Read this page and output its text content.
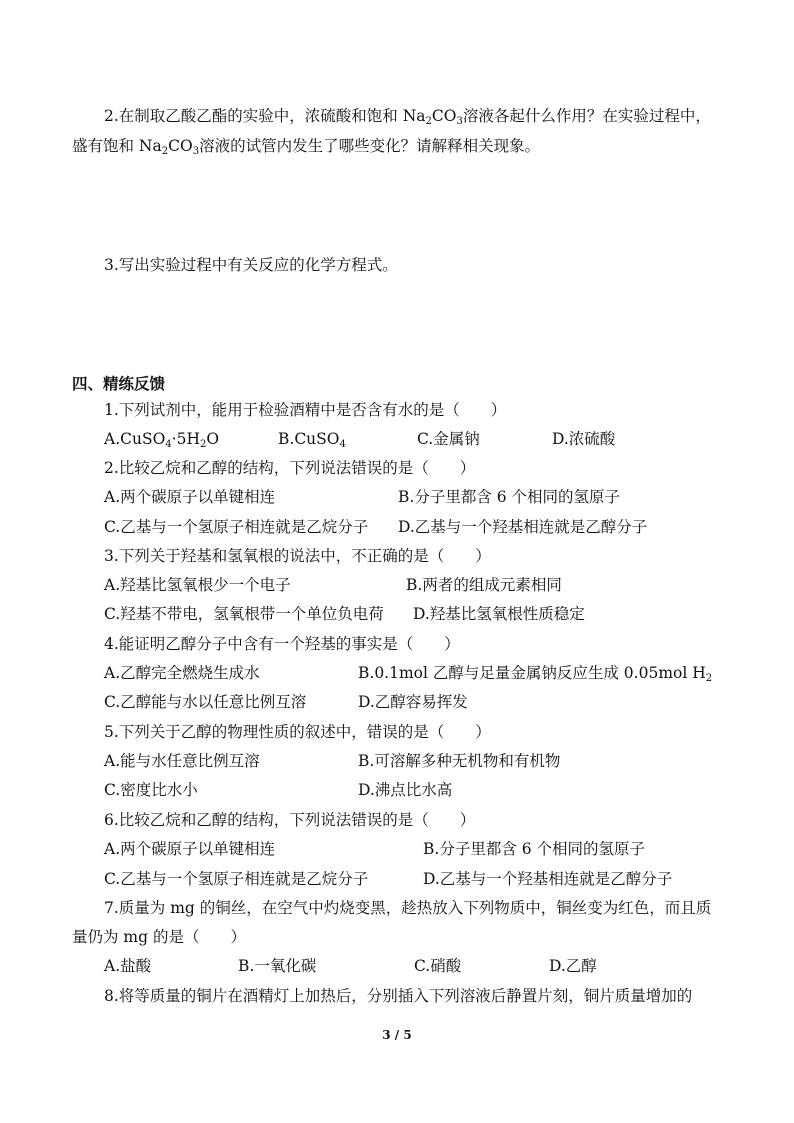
2.在制取乙酸乙酯的实验中，浓硫酸和饱和 $Na_2CO_3$溶液各起什么作用？在实验过程中，
盛有饱和 $Na_2CO_3$溶液的试管内发生了哪些变化？请解释相关现象。
3.写出实验过程中有关反应的化学方程式。
四、精练反馈
1.下列试剂中，能用于检验酒精中是否含有水的是（　　）
$A.CuSO_4\cdot 5H_2O$	B.CuSO$_4$	C.金属钠	D.浓硫酸
2.比较乙烷和乙醇的结构，下列说法错误的是（　　）
A.两个碳原子以单键相连	B.分子里都含 6 个相同的氢原子
C.乙基与一个氢原子相连就是乙烷分子 D.乙基与一个羟基相连就是乙醇分子
3.下列关于羟基和氢氧根的说法中，不正确的是（　　）
A.羟基比氢氧根少一个电子	B.两者的组成元素相同
C.羟基不带电，氢氧根带一个单位负电荷 D.羟基比氢氧根性质稳定
4.能证明乙醇分子中含有一个羟基的事实是（　　）
A.乙醇完全燃烧生成水	B.0.1mol 乙醇与足量金属钠反应生成 0.05mol $H_2$
C.乙醇能与水以任意比例互溶	D.乙醇容易挥发
5.下列关于乙醇的物理性质的叙述中，错误的是（　　）
A.能与水任意比例互溶	B.可溶解多种无机物和有机物
C.密度比水小	D.沸点比水高
6.比较乙烷和乙醇的结构，下列说法错误的是（　　）
A.两个碳原子以单键相连	B.分子里都含 6 个相同的氢原子
C.乙基与一个氢原子相连就是乙烷分子	D.乙基与一个羟基相连就是乙醇分子
7.质量为 mg 的铜丝，在空气中灼烧变黑，趁热放入下列物质中，铜丝变为红色，而且质
量仍为 mg 的是（　　）
A.盐酸	B.一氧化碳	C.硝酸	D.乙醇
8.将等质量的铜片在酒精灯上加热后，分别插入下列溶液后静置片刻，铜片质量增加的
3 / 5
